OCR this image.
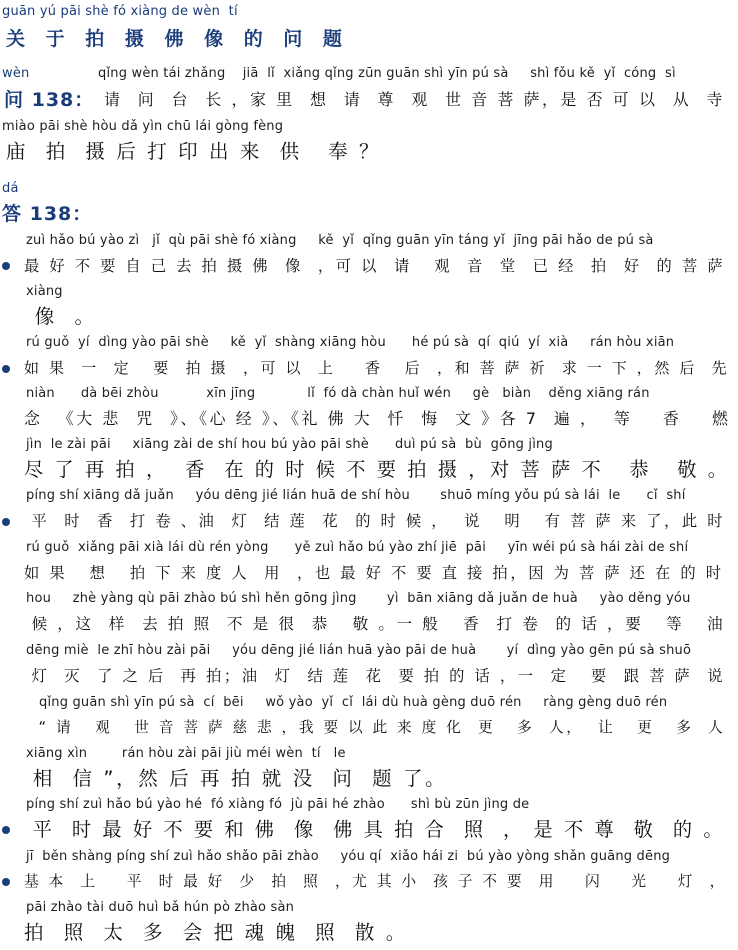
guān yú pāi shè fó xiàng de wèn  tí
关 于 拍 摄 佛 像 的 问 题
wèn	qǐng wèn tái zhǎng    jiā  lǐ  xiǎng qǐng zūn guān shì yīn pú sà     shì fǒu kě  yǐ  cóng  sì
问 138： 请  问  台  长 ，家 里  想  请  尊  观  世 音 菩 萨，是 否 可 以  从  寺
miào pāi shè hòu dǎ yìn chū lái gòng fèng
庙  拍  摄 后 打 印 出 来  供   奉 ？
dá
答 138：
zuì hǎo bú yào zì   jǐ  qù pāi shè fó xiàng     kě  yǐ  qǐng guān yīn táng yǐ  jīng pāi hǎo de pú sà
最 好 不 要 自 己 去 拍 摄 佛  像  ，可 以  请   观  音  堂  已 经  拍  好  的 菩 萨
xiàng
像  。
rú guǒ  yí  dìng yào pāi shè     kě  yǐ  shàng xiāng hòu      hé pú sà  qí  qiú  yí  xià     rán hòu xiān
如 果  一  定   要  拍 摄  ，可 以  上    香   后  ，和 菩 萨 祈  求 一 下 ，然 后  先
niàn      dà bēi zhòu           xīn jīng            lǐ  fó dà chàn huǐ wén     gè   biàn    děng xiāng rán
念  《大 悲  咒  》、《心 经 》、《礼 佛 大  忏  悔  文 》各 7  遍 ，  等    香    燃
jìn  le zài pāi     xiāng zài de shí hou bú yào pāi shè      duì pú sà  bù  gōng jìng
尽 了 再 拍 ，  香  在 的 时 候 不 要 拍 摄 ，对 菩 萨 不   恭   敬 。
píng shí xiāng dǎ juǎn     yóu dēng jié lián huā de shí hòu       shuō míng yǒu pú sà lái  le      cǐ  shí
平  时  香  打 卷 、油  灯  结 莲  花  的 时 候 ，  说   明   有 菩 萨 来 了，此 时
rú guǒ  xiǎng pāi xià lái dù rén yòng      yě zuì hǎo bú yào zhí jiē  pāi     yīn wéi pú sà hái zài de shí
如 果   想   拍 下 来 度 人  用  ，也 最 好 不 要 直 接 拍，因 为 菩 萨 还 在 的 时
hou     zhè yàng qù pāi zhào bú shì hěn gōng jìng       yì  bān xiāng dǎ juǎn de huà     yào děng yóu
候 ，这  样  去 拍 照  不 是 很  恭   敬 。一 般   香  打 卷  的 话 ，要   等   油
dēng miè  le zhī hòu zài pāi     yóu dēng jié lián huā yào pāi de huà       yí  dìng yào gēn pú sà shuō
灯  灭  了 之 后  再 拍；油  灯  结 莲  花  要 拍 的 话 ，一  定   要  跟 菩 萨  说
qǐng guān shì yīn pú sà  cí  bēi     wǒ yào  yǐ  cǐ  lái dù huà gèng duō rén     ràng gèng duō rén
“ 请   观   世 音 菩 萨 慈 悲 ，我 要 以 此 来 度 化  更   多  人，  让   更   多  人
xiāng xìn        rán hòu zài pāi jiù méi wèn  tí   le
相  信 ”，然 后 再 拍 就 没  问  题 了。
píng shí zuì hǎo bú yào hé  fó xiàng fó  jù pāi hé zhào      shì bù zūn jìng de
平  时 最 好 不 要 和 佛  像  佛 具 拍 合  照  ， 是 不 尊  敬  的 。
jī  běn shàng píng shí zuì hǎo shǎo pāi zhào     yóu qí  xiǎo hái zi  bú yào yòng shǎn guāng dēng
基 本  上    平  时 最 好  少  拍  照  ，尤 其 小  孩 子 不 要  用    闪    光    灯  ，
pāi zhào tài duō huì bǎ hún pò zhào sàn
拍  照  太  多  会 把 魂 魄  照  散 。
